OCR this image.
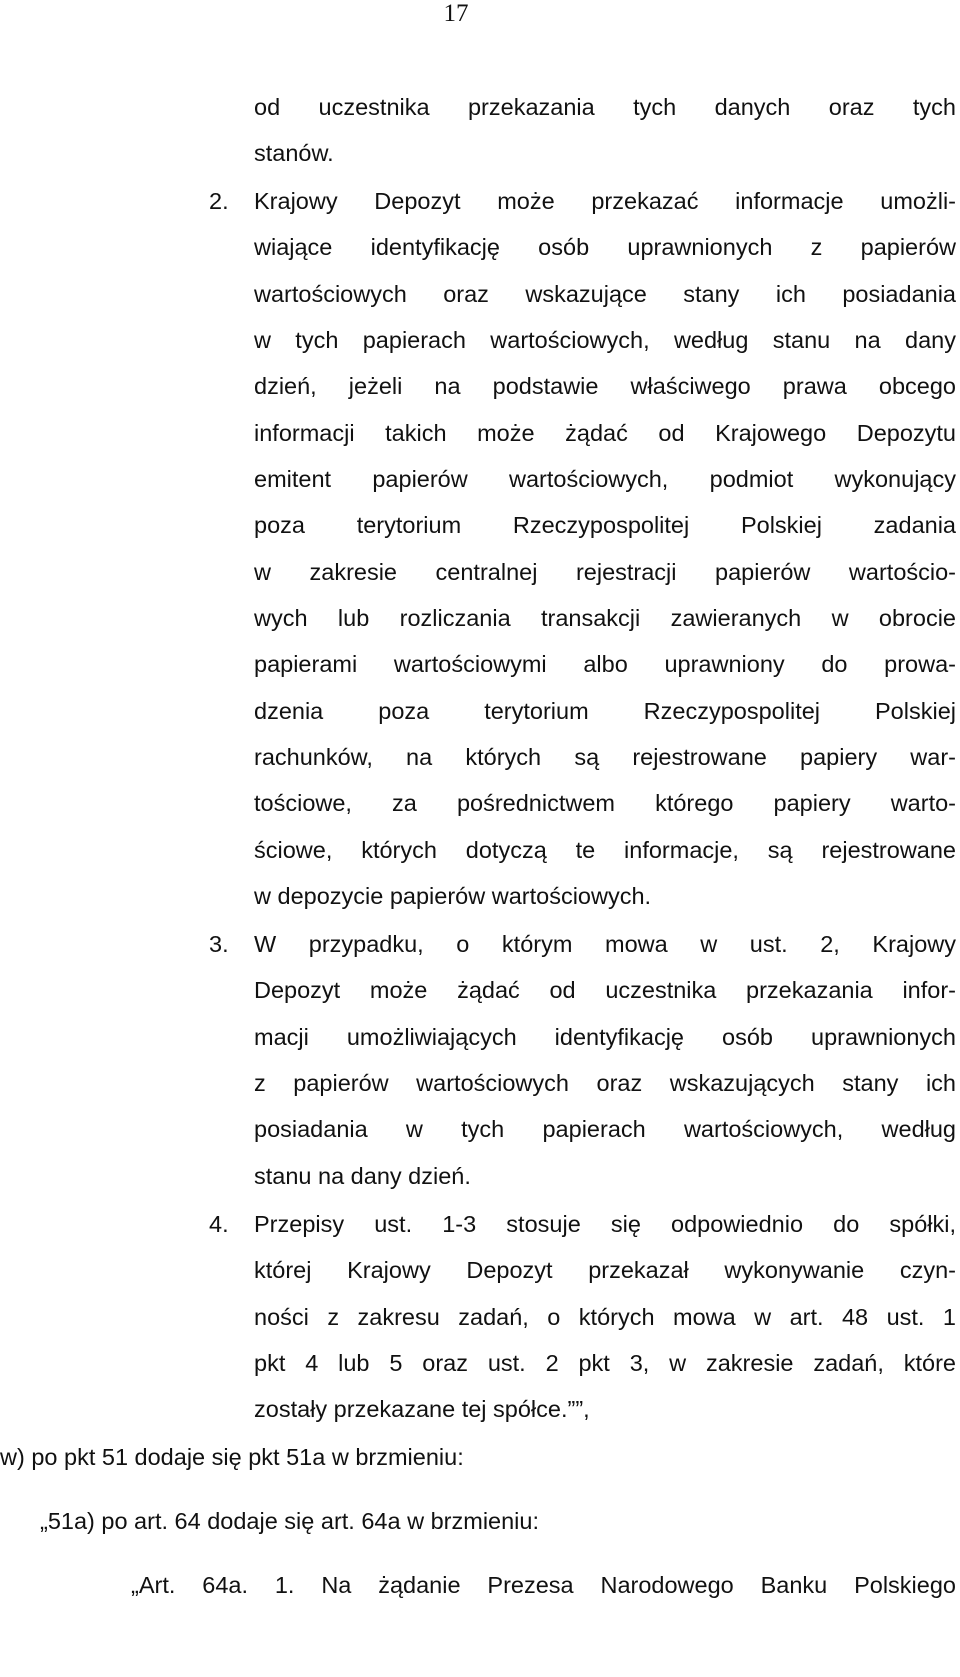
17
od uczestnika przekazania tych danych oraz tych
stanów.
2. Krajowy Depozyt może przekazać informacje umożli-
wiające identyfikację osób uprawnionych z papierów
wartościowych oraz wskazujące stany ich posiadania
w tych papierach wartościowych, według stanu na dany
dzień, jeżeli na podstawie właściwego prawa obcego
informacji takich może żądać od Krajowego Depozytu
emitent papierów wartościowych, podmiot wykonujący
poza terytorium Rzeczypospolitej Polskiej zadania
w zakresie centralnej rejestracji papierów wartościo-
wych lub rozliczania transakcji zawieranych w obrocie
papierami wartościowymi albo uprawniony do prowa-
dzenia poza terytorium Rzeczypospolitej Polskiej
rachunków, na których są rejestrowane papiery war-
tościowe, za pośrednictwem którego papiery warto-
ściowe, których dotyczą te informacje, są rejestrowane
w depozycie papierów wartościowych.
3. W przypadku, o którym mowa w ust. 2, Krajowy
Depozyt może żądać od uczestnika przekazania infor-
macji umożliwiających identyfikację osób uprawnionych
z papierów wartościowych oraz wskazujących stany ich
posiadania w tych papierach wartościowych, według
stanu na dany dzień.
4. Przepisy ust. 1-3 stosuje się odpowiednio do spółki,
której Krajowy Depozyt przekazał wykonywanie czyn-
ności z zakresu zadań, o których mowa w art. 48 ust. 1
pkt 4 lub 5 oraz ust. 2 pkt 3, w zakresie zadań, które
zostały przekazane tej spółce.””,
w) po pkt 51 dodaje się pkt 51a w brzmieniu:
„51a) po art. 64 dodaje się art. 64a w brzmieniu:
„Art. 64a. 1. Na żądanie Prezesa Narodowego Banku Polskiego
